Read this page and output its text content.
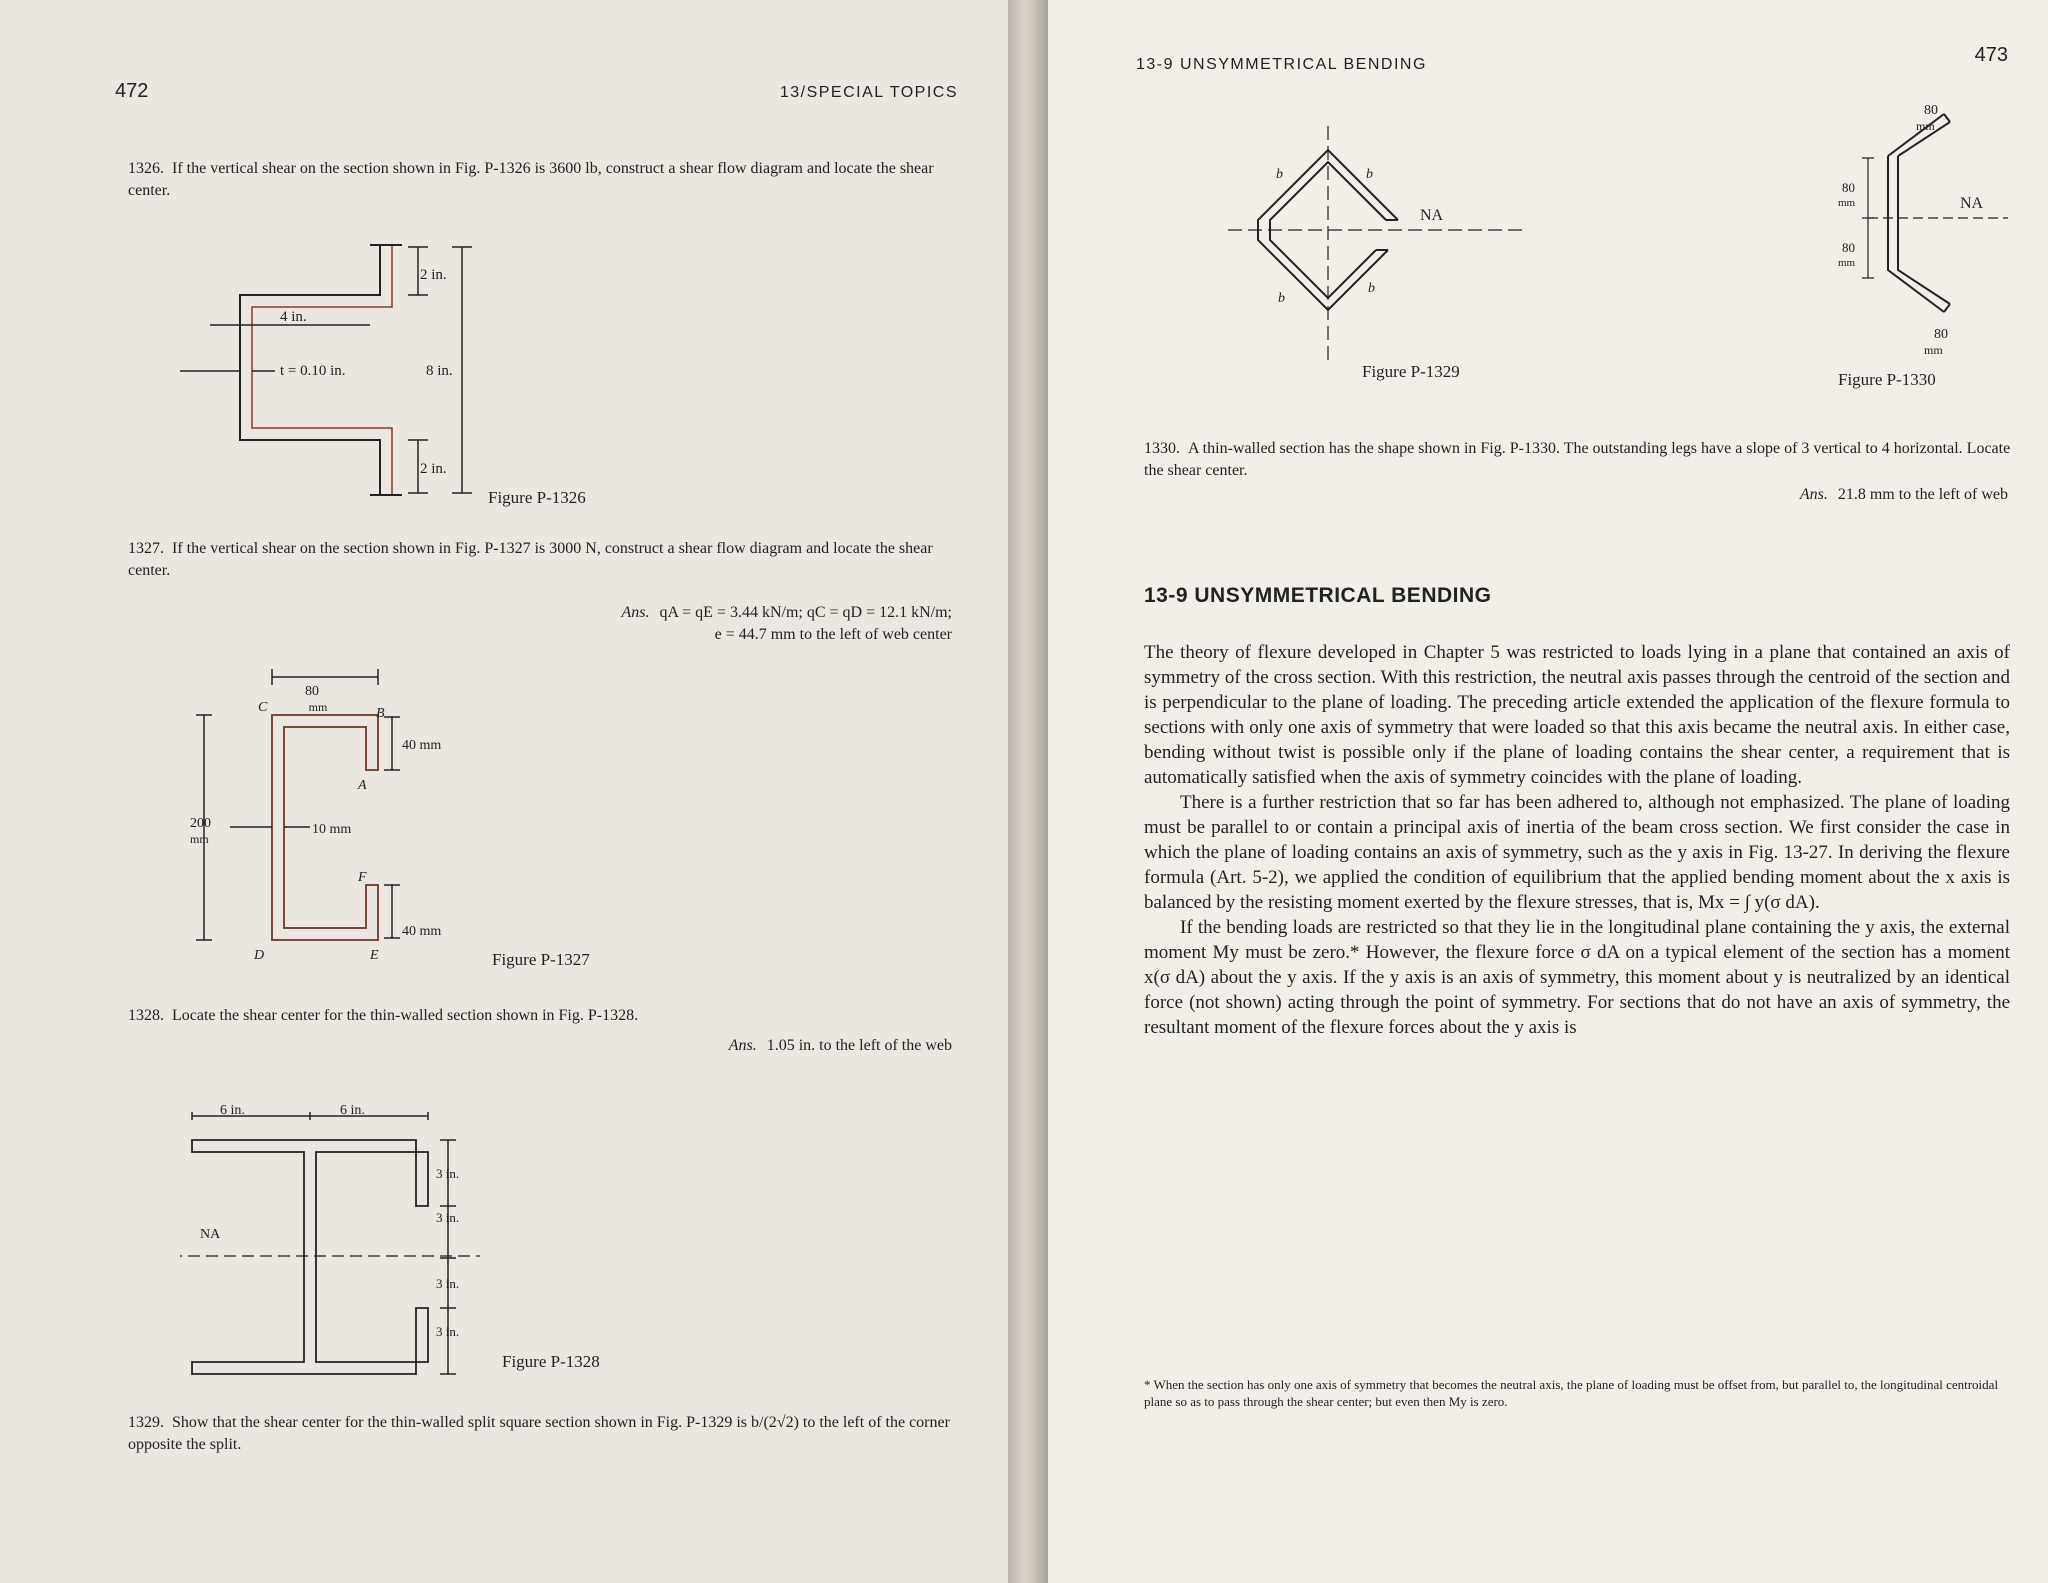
472	13/SPECIAL TOPICS
1326. If the vertical shear on the section shown in Fig. P-1326 is 3600 lb, construct a shear flow diagram and locate the shear center.
2 in.
4 in.
t = 0.10 in.	8 in.
2 in.
Figure P-1326
1327. If the vertical shear on the section shown in Fig. P-1327 is 3000 N, construct a shear flow diagram and locate the shear center.
Ans. qA = qE = 3.44 kN/m; qC = qD = 12.1 kN/m;
e = 44.7 mm to the left of web center
80
mm
40 mm
40 mm
200
mm
10 mm
C	B
A
F
D	E	Figure P-1327
1328. Locate the shear center for the thin-walled section shown in Fig. P-1328.
Ans. 1.05 in. to the left of the web
6 in.	6 in.
3 in.
3 in.
3 in.
3 in.
NA
Figure P-1328
1329. Show that the shear center for the thin-walled split square section shown in Fig. P-1329 is b/(2√2) to the left of the corner opposite the split.
13-9 UNSYMMETRICAL BENDING	473
NA
b	b
b
b
Figure P-1329
80
mm
80
mm
80
mm
NA
80
mm
Figure P-1330
1330. A thin-walled section has the shape shown in Fig. P-1330. The outstanding legs have a slope of 3 vertical to 4 horizontal. Locate the shear center.
Ans. 21.8 mm to the left of web
13-9 UNSYMMETRICAL BENDING

The theory of flexure developed in Chapter 5 was restricted to loads lying in a plane that contained an axis of symmetry of the cross section. With this restriction, the neutral axis passes through the centroid of the section and is perpendicular to the plane of loading. The preceding article extended the application of the flexure formula to sections with only one axis of symmetry that were loaded so that this axis became the neutral axis. In either case, bending without twist is possible only if the plane of loading contains the shear center, a requirement that is automatically satisfied when the axis of symmetry coincides with the plane of loading.

There is a further restriction that so far has been adhered to, although not emphasized. The plane of loading must be parallel to or contain a principal axis of inertia of the beam cross section. We first consider the case in which the plane of loading contains an axis of symmetry, such as the y axis in Fig. 13-27. In deriving the flexure formula (Art. 5-2), we applied the condition of equilibrium that the applied bending moment about the x axis is balanced by the resisting moment exerted by the flexure stresses, that is, Mx = ∫ y(σ dA).

If the bending loads are restricted so that they lie in the longitudinal plane containing the y axis, the external moment My must be zero.* However, the flexure force σ dA on a typical element of the section has a moment x(σ dA) about the y axis. If the y axis is an axis of symmetry, this moment about y is neutralized by an identical force (not shown) acting through the point of symmetry. For sections that do not have an axis of symmetry, the resultant moment of the flexure forces about the y axis is

* When the section has only one axis of symmetry that becomes the neutral axis, the plane of loading must be offset from, but parallel to, the longitudinal centroidal plane so as to pass through the shear center; but even then My is zero.
